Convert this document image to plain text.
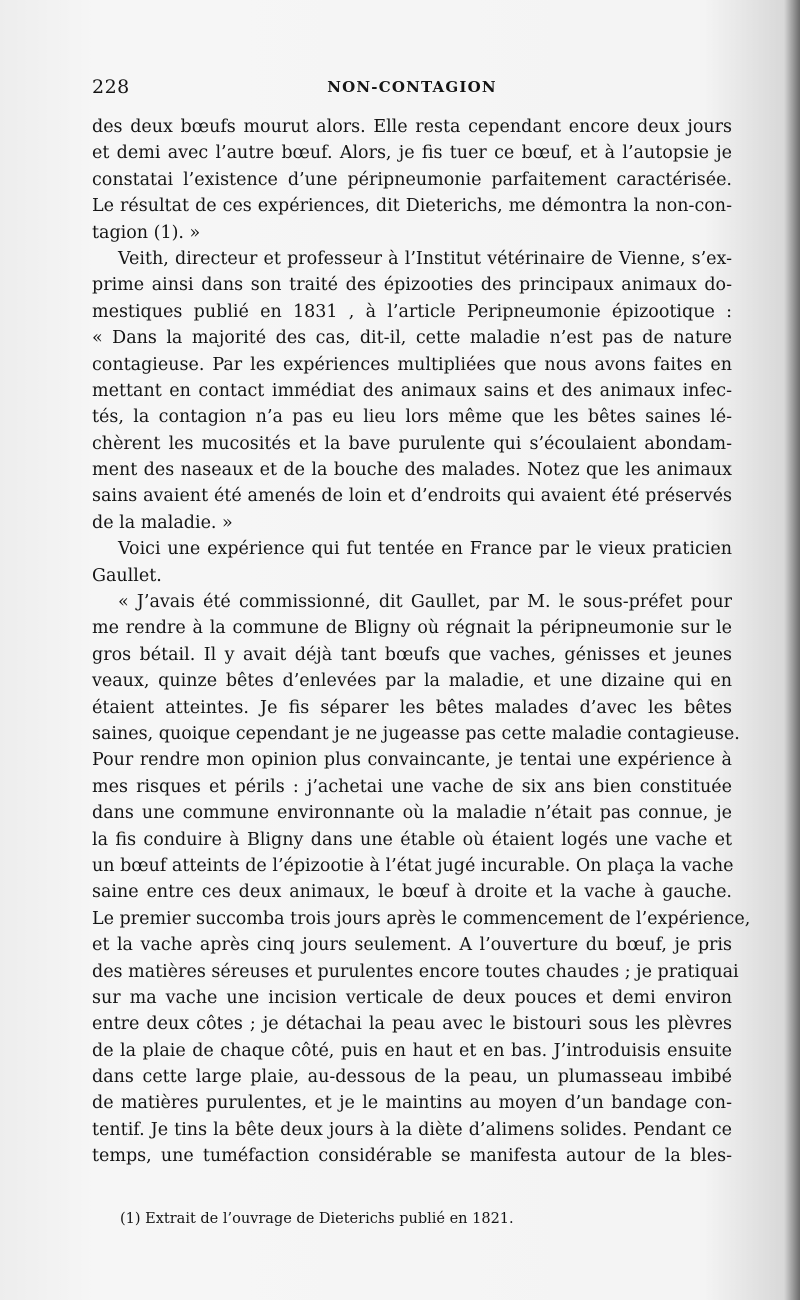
228	NON-CONTAGION
des deux bœufs mourut alors. Elle resta cependant encore deux jours
et demi avec l’autre bœuf. Alors, je fis tuer ce bœuf, et à l’autopsie je
constatai l’existence d’une péripneumonie parfaitement caractérisée.
Le résultat de ces expériences, dit Dieterichs, me démontra la non-con-
tagion (1). »
Veith, directeur et professeur à l’Institut vétérinaire de Vienne, s’ex-
prime ainsi dans son traité des épizooties des principaux animaux do-
mestiques publié en 1831 , à l’article Peripneumonie épizootique :
« Dans la majorité des cas, dit-il, cette maladie n’est pas de nature
contagieuse. Par les expériences multipliées que nous avons faites en
mettant en contact immédiat des animaux sains et des animaux infec-
tés, la contagion n’a pas eu lieu lors même que les bêtes saines lé-
chèrent les mucosités et la bave purulente qui s’écoulaient abondam-
ment des naseaux et de la bouche des malades. Notez que les animaux
sains avaient été amenés de loin et d’endroits qui avaient été préservés
de la maladie. »
Voici une expérience qui fut tentée en France par le vieux praticien
Gaullet.
« J’avais été commissionné, dit Gaullet, par M. le sous-préfet pour
me rendre à la commune de Bligny où régnait la péripneumonie sur le
gros bétail. Il y avait déjà tant bœufs que vaches, génisses et jeunes
veaux, quinze bêtes d’enlevées par la maladie, et une dizaine qui en
étaient atteintes. Je fis séparer les bêtes malades d’avec les bêtes
saines, quoique cependant je ne jugeasse pas cette maladie contagieuse.
Pour rendre mon opinion plus convaincante, je tentai une expérience à
mes risques et périls : j’achetai une vache de six ans bien constituée
dans une commune environnante où la maladie n’était pas connue, je
la fis conduire à Bligny dans une étable où étaient logés une vache et
un bœuf atteints de l’épizootie à l’état jugé incurable. On plaça la vache
saine entre ces deux animaux, le bœuf à droite et la vache à gauche.
Le premier succomba trois jours après le commencement de l’expérience,
et la vache après cinq jours seulement. A l’ouverture du bœuf, je pris
des matières séreuses et purulentes encore toutes chaudes ; je pratiquai
sur ma vache une incision verticale de deux pouces et demi environ
entre deux côtes ; je détachai la peau avec le bistouri sous les plèvres
de la plaie de chaque côté, puis en haut et en bas. J’introduisis ensuite
dans cette large plaie, au-dessous de la peau, un plumasseau imbibé
de matières purulentes, et je le maintins au moyen d’un bandage con-
tentif. Je tins la bête deux jours à la diète d’alimens solides. Pendant ce
temps, une tuméfaction considérable se manifesta autour de la bles-
(1) Extrait de l’ouvrage de Dieterichs publié en 1821.
